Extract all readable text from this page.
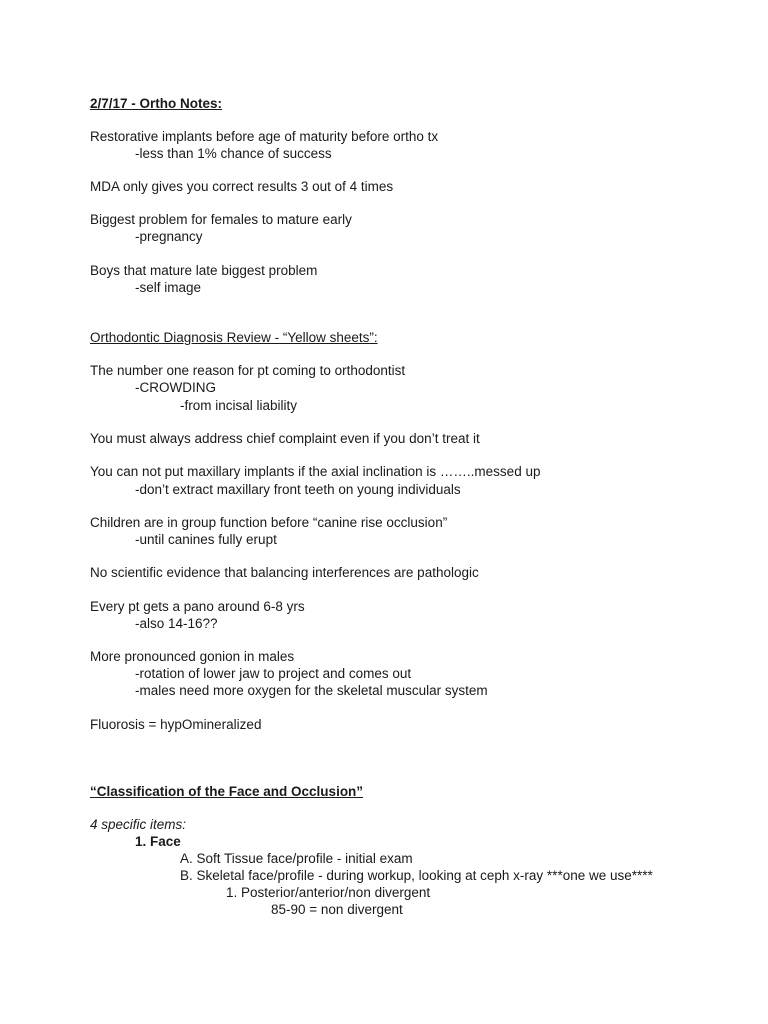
2/7/17 - Ortho Notes:

Restorative implants before age of maturity before ortho tx

-less than 1% chance of success

MDA only gives you correct results 3 out of 4 times

Biggest problem for females to mature early

-pregnancy

Boys that mature late biggest problem

-self image

Orthodontic Diagnosis Review - “Yellow sheets”:

The number one reason for pt coming to orthodontist

-CROWDING

-from incisal liability

You must always address chief complaint even if you don’t treat it

You can not put maxillary implants if the axial inclination is ……..messed up

-don’t extract maxillary front teeth on young individuals

Children are in group function before “canine rise occlusion”

-until canines fully erupt

No scientific evidence that balancing interferences are pathologic

Every pt gets a pano around 6-8 yrs

-also 14-16??

More pronounced gonion in males

-rotation of lower jaw to project and comes out

-males need more oxygen for the skeletal muscular system

Fluorosis = hypOmineralized

“Classification of the Face and Occlusion”

4 specific items:

1. Face

A. Soft Tissue face/profile - initial exam

B. Skeletal face/profile - during workup, looking at ceph x-ray ***one we use****

1. Posterior/anterior/non divergent

85-90 = non divergent
